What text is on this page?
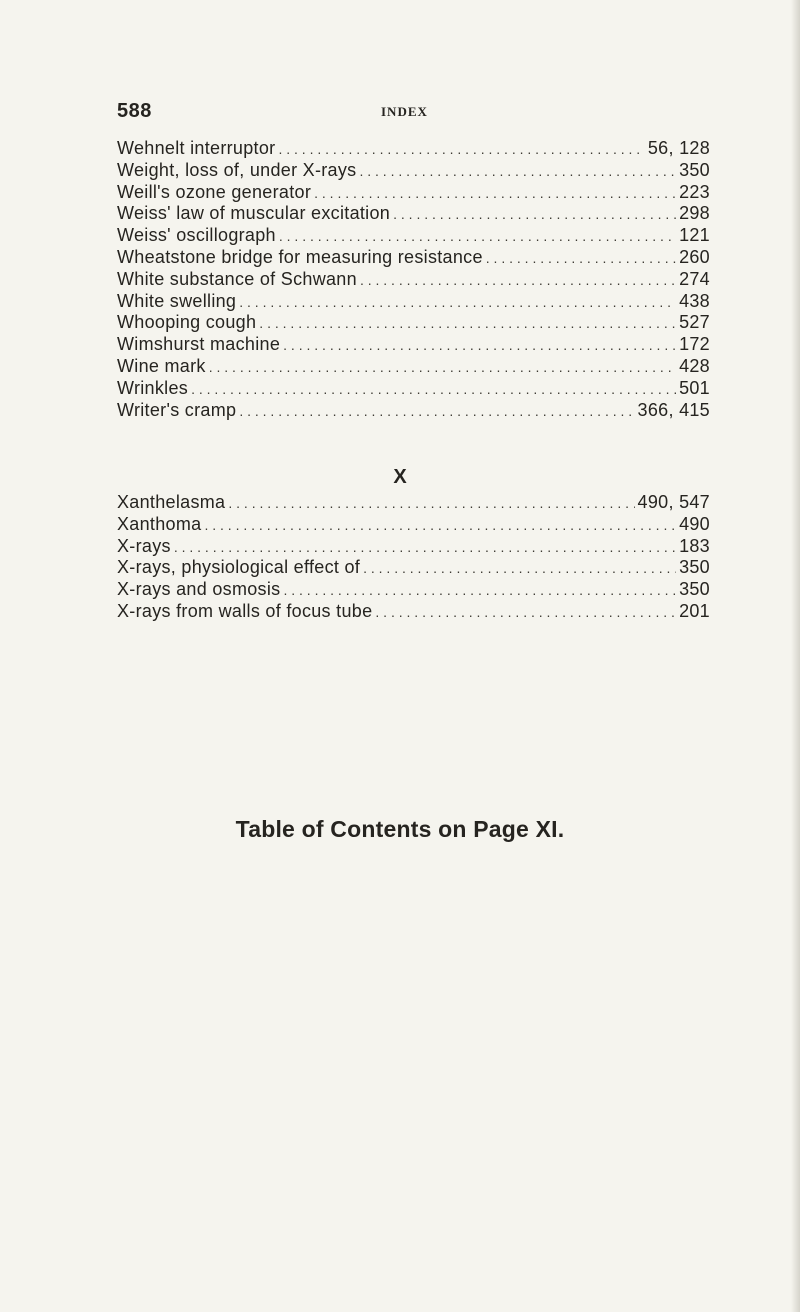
588	INDEX
Wehnelt interruptor . . .	56, 128
Weight, loss of, under X-rays . . .	350
Weill's ozone generator . . .	223
Weiss' law of muscular excitation . . .	298
Weiss' oscillograph . . .	121
Wheatstone bridge for measuring resistance . . .	260
White substance of Schwann . . .	274
White swelling . . .	438
Whooping cough . . .	527
Wimshurst machine . . .	172
Wine mark . . .	428
Wrinkles . . .	501
Writer's cramp . . .	366, 415
X
Xanthelasma . . .	490, 547
Xanthoma . . .	490
X-rays . . .	183
X-rays, physiological effect of . . .	350
X-rays and osmosis . . .	350
X-rays from walls of focus tube . . .	201
Table of Contents on Page XI.
